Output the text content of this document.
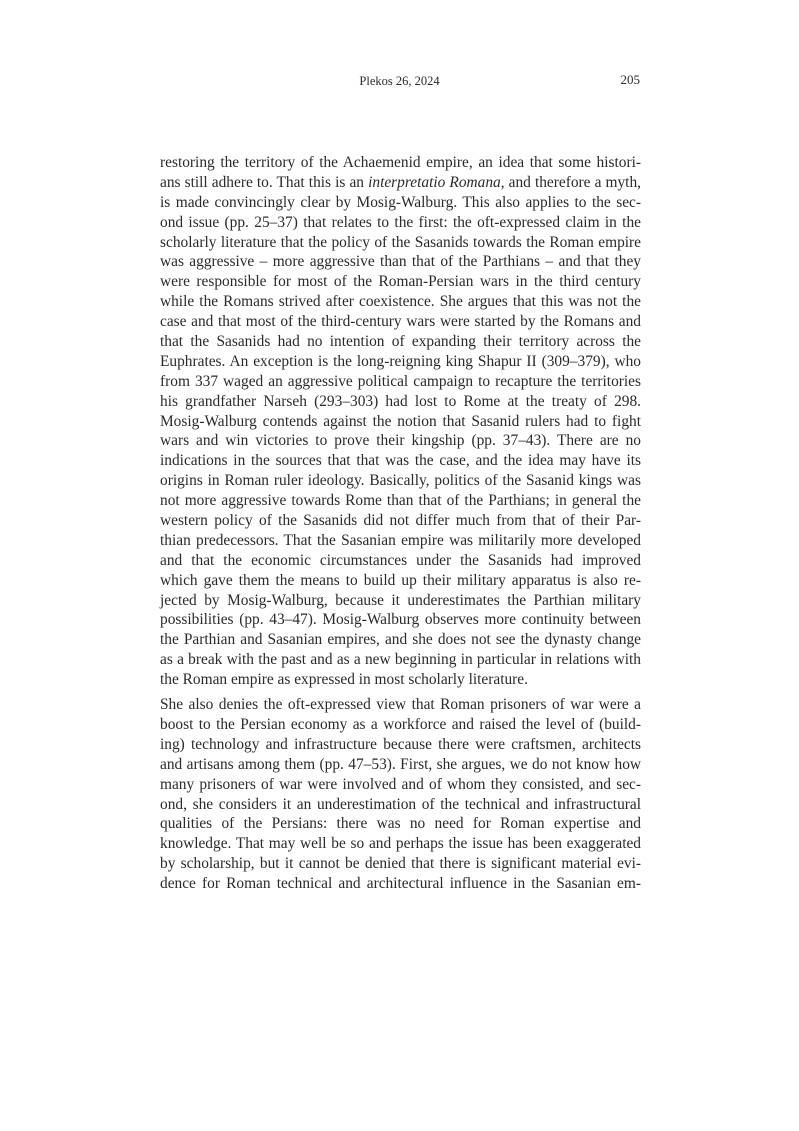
Plekos 26, 2024	205
restoring the territory of the Achaemenid empire, an idea that some histori-
ans still adhere to. That this is an interpretatio Romana, and therefore a myth,
is made convincingly clear by Mosig-Walburg. This also applies to the sec-
ond issue (pp. 25–37) that relates to the first: the oft-expressed claim in the
scholarly literature that the policy of the Sasanids towards the Roman empire
was aggressive – more aggressive than that of the Parthians – and that they
were responsible for most of the Roman-Persian wars in the third century
while the Romans strived after coexistence. She argues that this was not the
case and that most of the third-century wars were started by the Romans and
that the Sasanids had no intention of expanding their territory across the
Euphrates. An exception is the long-reigning king Shapur II (309–379), who
from 337 waged an aggressive political campaign to recapture the territories
his grandfather Narseh (293–303) had lost to Rome at the treaty of 298.
Mosig-Walburg contends against the notion that Sasanid rulers had to fight
wars and win victories to prove their kingship (pp. 37–43). There are no
indications in the sources that that was the case, and the idea may have its
origins in Roman ruler ideology. Basically, politics of the Sasanid kings was
not more aggressive towards Rome than that of the Parthians; in general the
western policy of the Sasanids did not differ much from that of their Par-
thian predecessors. That the Sasanian empire was militarily more developed
and that the economic circumstances under the Sasanids had improved
which gave them the means to build up their military apparatus is also re-
jected by Mosig-Walburg, because it underestimates the Parthian military
possibilities (pp. 43–47). Mosig-Walburg observes more continuity between
the Parthian and Sasanian empires, and she does not see the dynasty change
as a break with the past and as a new beginning in particular in relations with
the Roman empire as expressed in most scholarly literature.
She also denies the oft-expressed view that Roman prisoners of war were a
boost to the Persian economy as a workforce and raised the level of (build-
ing) technology and infrastructure because there were craftsmen, architects
and artisans among them (pp. 47–53). First, she argues, we do not know how
many prisoners of war were involved and of whom they consisted, and sec-
ond, she considers it an underestimation of the technical and infrastructural
qualities of the Persians: there was no need for Roman expertise and
knowledge. That may well be so and perhaps the issue has been exaggerated
by scholarship, but it cannot be denied that there is significant material evi-
dence for Roman technical and architectural influence in the Sasanian em-
